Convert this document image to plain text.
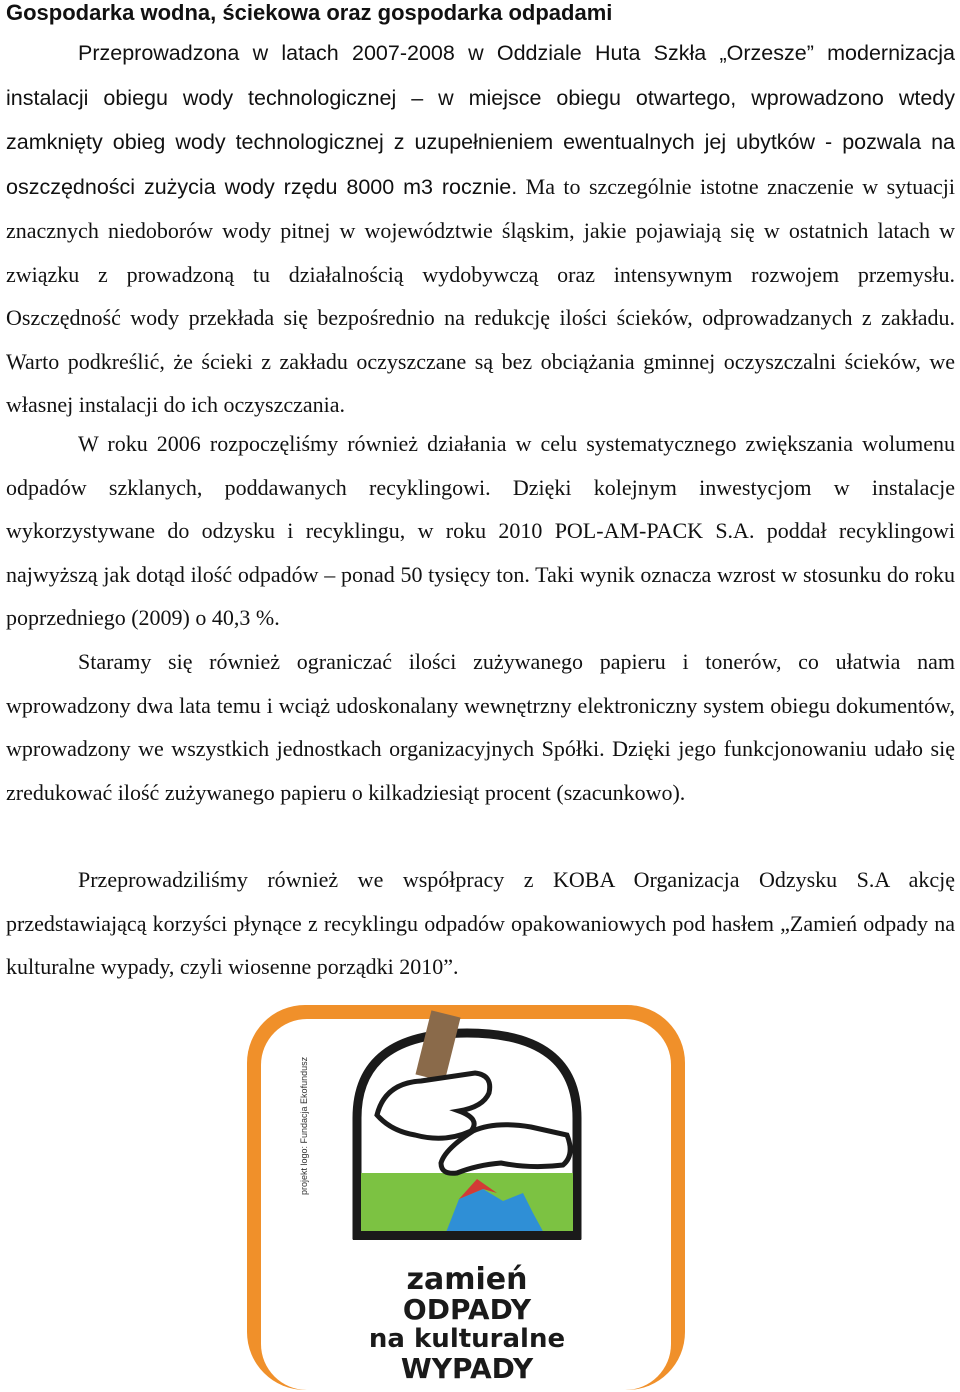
Gospodarka wodna, ściekowa oraz gospodarka odpadami

Przeprowadzona w latach 2007-2008 w Oddziale Huta Szkła „Orzesze” modernizacja instalacji obiegu wody technologicznej – w miejsce obiegu otwartego, wprowadzono wtedy zamknięty obieg wody technologicznej z uzupełnieniem ewentualnych jej ubytków - pozwala na oszczędności zużycia wody rzędu 8000 m3 rocznie. Ma to szczególnie istotne znaczenie w sytuacji znacznych niedoborów wody pitnej w województwie śląskim, jakie pojawiają się w ostatnich latach w związku z prowadzoną tu działalnością wydobywczą oraz intensywnym rozwojem przemysłu. Oszczędność wody przekłada się bezpośrednio na redukcję ilości ścieków, odprowadzanych z zakładu. Warto podkreślić, że ścieki z zakładu oczyszczane są bez obciążania gminnej oczyszczalni ścieków, we własnej instalacji do ich oczyszczania.

W roku 2006 rozpoczęliśmy również działania w celu systematycznego zwiększania wolumenu odpadów szklanych, poddawanych recyklingowi. Dzięki kolejnym inwestycjom w instalacje wykorzystywane do odzysku i recyklingu, w roku 2010 POL-AM-PACK S.A. poddał recyklingowi najwyższą jak dotąd ilość odpadów – ponad 50 tysięcy ton. Taki wynik oznacza wzrost w stosunku do roku poprzedniego (2009) o 40,3 %.

Staramy się również ograniczać ilości zużywanego papieru i tonerów, co ułatwia nam wprowadzony dwa lata temu i wciąż udoskonalany wewnętrzny elektroniczny system obiegu dokumentów, wprowadzony we wszystkich jednostkach organizacyjnych Spółki. Dzięki jego funkcjonowaniu udało się zredukować ilość zużywanego papieru o kilkadziesiąt procent (szacunkowo).

Przeprowadziliśmy również we współpracy z KOBA Organizacja Odzysku S.A akcję przedstawiającą korzyści płynące z recyklingu odpadów opakowaniowych pod hasłem „Zamień odpady na kulturalne wypady, czyli wiosenne porządki 2010”.

projekt logo: Fundacja Ekofundusz
zamień
ODPADY
na kulturalne
WYPADY
